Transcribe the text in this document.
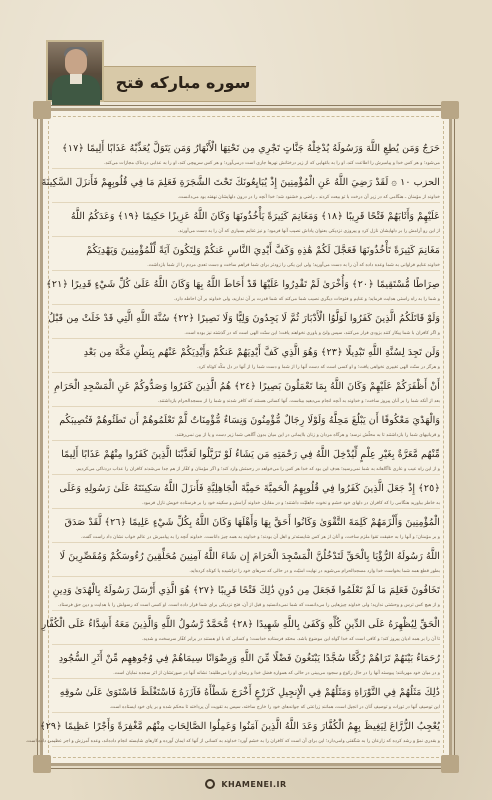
سوره مبارکه فتح
حَرَجٌ وَمَن يُطِعِ اللَّهَ وَرَسُولَهُ يُدْخِلْهُ جَنَّاتٍ تَجْرِي مِن تَحْتِهَا الْأَنْهَارُ وَمَن يَتَوَلَّ يُعَذِّبْهُ عَذَابًا أَلِيمًا ﴿١٧﴾
می‌شود؛ و هر کس خدا و پیامبرش را اطاعت کند، او را به باغهایی که از زیر درختانش نهرها جاری است درمی‌آورد؛ و هر کس سرپیچی کند، او را به عذابی دردناک مجازات می‌کند.
الحزب ۱۰ ۞ لَقَدْ رَضِيَ اللَّهُ عَنِ الْمُؤْمِنِينَ إِذْ يُبَايِعُونَكَ تَحْتَ الشَّجَرَةِ فَعَلِمَ مَا فِي قُلُوبِهِمْ فَأَنزَلَ السَّكِينَةَ
خداوند از مؤمنان ـ هنگامی که در زیر آن درخت با تو بیعت کردند ـ راضی و خشنود شد؛ خدا آنچه را در درون دلهایشان نهفته بود می‌دانست.
عَلَيْهِمْ وَأَثَابَهُمْ فَتْحًا قَرِيبًا ﴿١٨﴾ وَمَغَانِمَ كَثِيرَةً يَأْخُذُونَهَا وَكَانَ اللَّهُ عَزِيزًا حَكِيمًا ﴿١٩﴾ وَعَدَكُمُ اللَّهُ
از این رو آرامش را بر دلهایشان نازل کرد و پیروزی نزدیکی بعنوان پاداش نصیب آنها فرمود؛ و نیز غنایم بسیاری که آن را به دست می‌آورند.
مَغَانِمَ كَثِيرَةً تَأْخُذُونَهَا فَعَجَّلَ لَكُمْ هَٰذِهِ وَكَفَّ أَيْدِيَ النَّاسِ عَنكُمْ وَلِتَكُونَ آيَةً لِّلْمُؤْمِنِينَ وَيَهْدِيَكُمْ
خداوند غنایم فراوانی به شما وعده داده که آن را به دست می‌آورید؛ ولی این یکی را زودتر برای شما فراهم ساخت و دست تعدی مردم را از شما بازداشت.
صِرَاطًا مُّسْتَقِيمًا ﴿٢٠﴾ وَأُخْرَىٰ لَمْ تَقْدِرُوا عَلَيْهَا قَدْ أَحَاطَ اللَّهُ بِهَا وَكَانَ اللَّهُ عَلَىٰ كُلِّ شَيْءٍ قَدِيرًا ﴿٢١﴾
و شما را به راه راستی هدایت فرماید؛ و غنایم و فتوحات دیگری نصیب شما می‌کند که شما قدرت بر آن ندارید، ولی خداوند بر آن احاطه دارد.
وَلَوْ قَاتَلَكُمُ الَّذِينَ كَفَرُوا لَوَلَّوُا الْأَدْبَارَ ثُمَّ لَا يَجِدُونَ وَلِيًّا وَلَا نَصِيرًا ﴿٢٢﴾ سُنَّةَ اللَّهِ الَّتِي قَدْ خَلَتْ مِن قَبْلُ
و اگر کافران با شما پیکار کنند بزودی فرار می‌کنند، سپس ولیّ و یاوری نخواهند یافت؛ این سنّت الهی است که در گذشته نیز بوده است.
وَلَن تَجِدَ لِسُنَّةِ اللَّهِ تَبْدِيلًا ﴿٢٣﴾ وَهُوَ الَّذِي كَفَّ أَيْدِيَهُمْ عَنكُمْ وَأَيْدِيَكُمْ عَنْهُم بِبَطْنِ مَكَّةَ مِن بَعْدِ
و هرگز در سنّت الهی تغییری نخواهی یافت؛ و او کسی است که دست آنها را از شما و دست شما را از آنها در دل مکّه کوتاه کرد.
أَنْ أَظْفَرَكُمْ عَلَيْهِمْ وَكَانَ اللَّهُ بِمَا تَعْمَلُونَ بَصِيرًا ﴿٢٤﴾ هُمُ الَّذِينَ كَفَرُوا وَصَدُّوكُمْ عَنِ الْمَسْجِدِ الْحَرَامِ
بعد از آنکه شما را بر آنان پیروز ساخت؛ و خداوند به آنچه انجام می‌دهید بیناست. آنها کسانی هستند که کافر شدند و شما را از مسجدالحرام بازداشتند.
وَالْهَدْيَ مَعْكُوفًا أَن يَبْلُغَ مَحِلَّهُ وَلَوْلَا رِجَالٌ مُّؤْمِنُونَ وَنِسَاءٌ مُّؤْمِنَاتٌ لَّمْ تَعْلَمُوهُمْ أَن تَطَئُوهُمْ فَتُصِيبَكُم
و قربانیهای شما را بازداشتند تا به محلّش نرسد؛ و هرگاه مردان و زنان باایمانی در این میان بدون آگاهی شما زیر دست و پا از بین نمی‌رفتند.
مِّنْهُم مَّعَرَّةٌ بِغَيْرِ عِلْمٍ لِّيُدْخِلَ اللَّهُ فِي رَحْمَتِهِ مَن يَشَاءُ لَوْ تَزَيَّلُوا لَعَذَّبْنَا الَّذِينَ كَفَرُوا مِنْهُمْ عَذَابًا أَلِيمًا
و از این راه عیب و عاری ناآگاهانه به شما نمی‌رسید؛ هدف این بود که خدا هر کس را می‌خواهد در رحمتش وارد کند؛ و اگر مؤمنان و کفّار از هم جدا می‌شدند کافران را عذاب دردناکی می‌کردیم.
﴿٢٥﴾ إِذْ جَعَلَ الَّذِينَ كَفَرُوا فِي قُلُوبِهِمُ الْحَمِيَّةَ حَمِيَّةَ الْجَاهِلِيَّةِ فَأَنزَلَ اللَّهُ سَكِينَتَهُ عَلَىٰ رَسُولِهِ وَعَلَى
به خاطر بیاورید هنگامی را که کافران در دلهای خود خشم و نخوت جاهلیّت داشتند؛ و در مقابل، خداوند آرامش و سکینه خود را بر فرستاده خویش نازل فرمود.
الْمُؤْمِنِينَ وَأَلْزَمَهُمْ كَلِمَةَ التَّقْوَىٰ وَكَانُوا أَحَقَّ بِهَا وَأَهْلَهَا وَكَانَ اللَّهُ بِكُلِّ شَيْءٍ عَلِيمًا ﴿٢٦﴾ لَّقَدْ صَدَقَ
و بر مؤمنان؛ و آنها را به حقیقت تقوا ملزم ساخت، و آنان از هر کس شایسته‌تر و اهل آن بودند؛ و خداوند به همه چیز داناست. خداوند آنچه را به پیامبرش در عالم خواب نشان داد راست گفت.
اللَّهُ رَسُولَهُ الرُّؤْيَا بِالْحَقِّ لَتَدْخُلُنَّ الْمَسْجِدَ الْحَرَامَ إِن شَاءَ اللَّهُ آمِنِينَ مُحَلِّقِينَ رُءُوسَكُمْ وَمُقَصِّرِينَ لَا
بطور قطع همه شما بخواست خدا وارد مسجدالحرام می‌شوید در نهایت امنیّت و در حالی که سرهای خود را تراشیده یا کوتاه کرده‌اید.
تَخَافُونَ فَعَلِمَ مَا لَمْ تَعْلَمُوا فَجَعَلَ مِن دُونِ ذَٰلِكَ فَتْحًا قَرِيبًا ﴿٢٧﴾ هُوَ الَّذِي أَرْسَلَ رَسُولَهُ بِالْهُدَىٰ وَدِينِ
و از هیچ کس ترس و وحشتی ندارید؛ ولی خداوند چیزهایی را می‌دانست که شما نمی‌دانستید و قبل از آن، فتح نزدیکی برای شما قرار داده است. او کسی است که رسولش را با هدایت و دین حق فرستاد.
الْحَقِّ لِيُظْهِرَهُ عَلَى الدِّينِ كُلِّهِ وَكَفَىٰ بِاللَّهِ شَهِيدًا ﴿٢٨﴾ مُّحَمَّدٌ رَّسُولُ اللَّهِ وَالَّذِينَ مَعَهُ أَشِدَّاءُ عَلَى الْكُفَّارِ
تا آن را بر همه ادیان پیروز کند؛ و کافی است که خدا گواه این موضوع باشد. محمّد فرستاده خداست؛ و کسانی که با او هستند در برابر کفّار سرسخت و شدید.
رُحَمَاءُ بَيْنَهُمْ تَرَاهُمْ رُكَّعًا سُجَّدًا يَبْتَغُونَ فَضْلًا مِّنَ اللَّهِ وَرِضْوَانًا سِيمَاهُمْ فِي وُجُوهِهِم مِّنْ أَثَرِ السُّجُودِ
و در میان خود مهربانند؛ پیوسته آنها را در حال رکوع و سجود می‌بینی در حالی که همواره فضل خدا و رضای او را می‌طلبند؛ نشانه آنها در صورتشان از اثر سجده نمایان است.
ذَٰلِكَ مَثَلُهُمْ فِي التَّوْرَاةِ وَمَثَلُهُمْ فِي الْإِنجِيلِ كَزَرْعٍ أَخْرَجَ شَطْأَهُ فَآزَرَهُ فَاسْتَغْلَظَ فَاسْتَوَىٰ عَلَىٰ سُوقِهِ
این توصیف آنها در تورات و توصیف آنان در انجیل است، همانند زراعتی که جوانه‌های خود را خارج ساخته، سپس به تقویت آن پرداخته تا محکم شده و بر پای خود ایستاده است.
يُعْجِبُ الزُّرَّاعَ لِيَغِيظَ بِهِمُ الْكُفَّارَ وَعَدَ اللَّهُ الَّذِينَ آمَنُوا وَعَمِلُوا الصَّالِحَاتِ مِنْهُم مَّغْفِرَةً وَأَجْرًا عَظِيمًا ﴿٢٩﴾
و بقدری نموّ و رشد کرده که زارعان را به شگفتی وامی‌دارد؛ این برای آن است که کافران را به خشم آورد؛ خداوند به کسانی از آنها که ایمان آورده و کارهای شایسته انجام داده‌اند، وعده آمرزش و اجر عظیمی داده است.
KHAMENEI.IR
